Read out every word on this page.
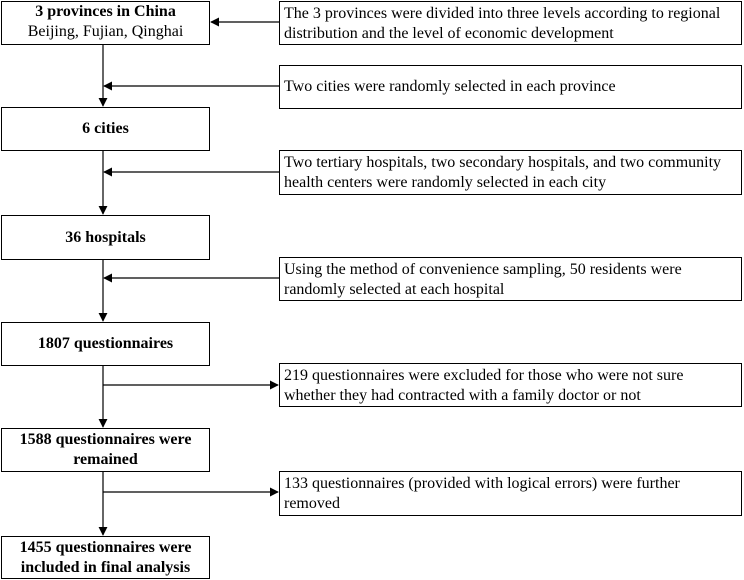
3 provinces in China
Beijing, Fujian, Qinghai
6 cities
36 hospitals
1807 questionnaires
1588 questionnaires were remained
1455 questionnaires were included in final analysis
The 3 provinces were divided into three levels according to regional distribution and the level of economic development
Two cities were randomly selected in each province
Two tertiary hospitals, two secondary hospitals, and two community health centers were randomly selected in each city
Using the method of convenience sampling, 50 residents were randomly selected at each hospital
219 questionnaires were excluded for those who were not sure whether they had contracted with a family doctor or not
133 questionnaires (provided with logical errors) were further removed
